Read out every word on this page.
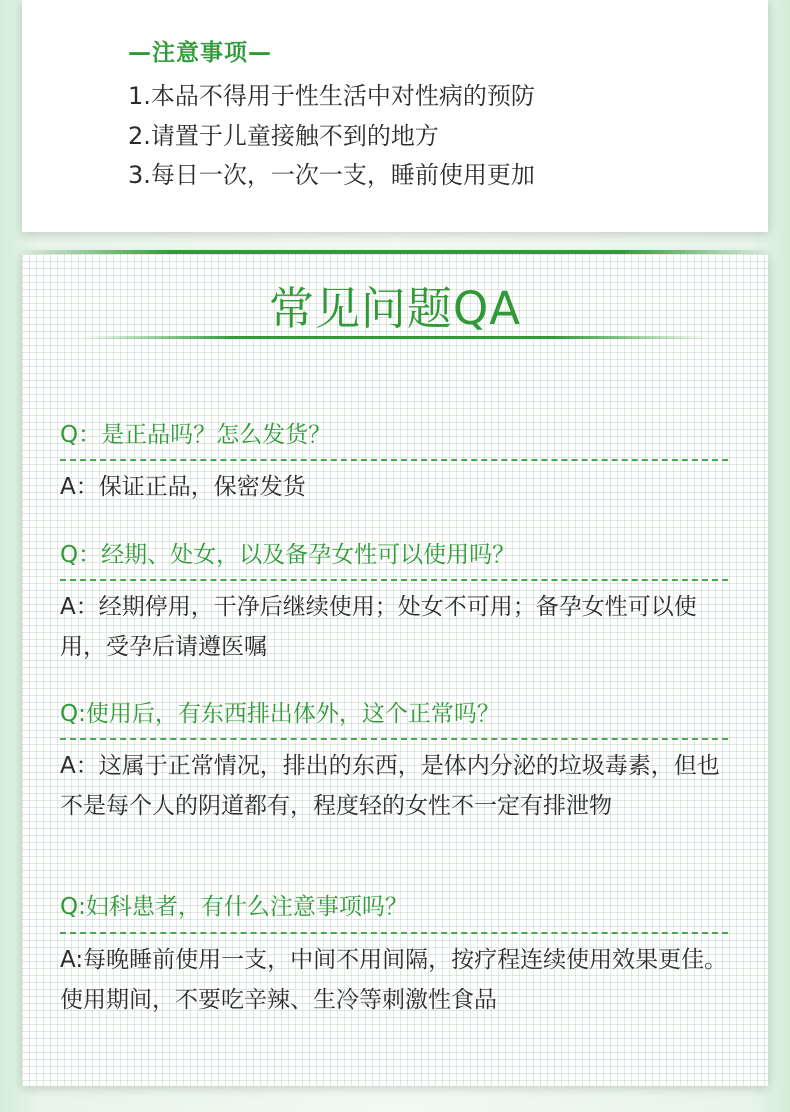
—注意事项—
1.本品不得用于性生活中对性病的预防
2.请置于儿童接触不到的地方
3.每日一次，一次一支，睡前使用更加
常见问题QA
Q：是正品吗？怎么发货？
A：保证正品，保密发货
Q：经期、处女，以及备孕女性可以使用吗？
A：经期停用，干净后继续使用；处女不可用；备孕女性可以使用，受孕后请遵医嘱
Q:使用后，有东西排出体外，这个正常吗？
A：这属于正常情况，排出的东西，是体内分泌的垃圾毒素，但也不是每个人的阴道都有，程度轻的女性不一定有排泄物
Q:妇科患者，有什么注意事项吗？
A:每晚睡前使用一支，中间不用间隔，按疗程连续使用效果更佳。使用期间，不要吃辛辣、生冷等刺激性食品
